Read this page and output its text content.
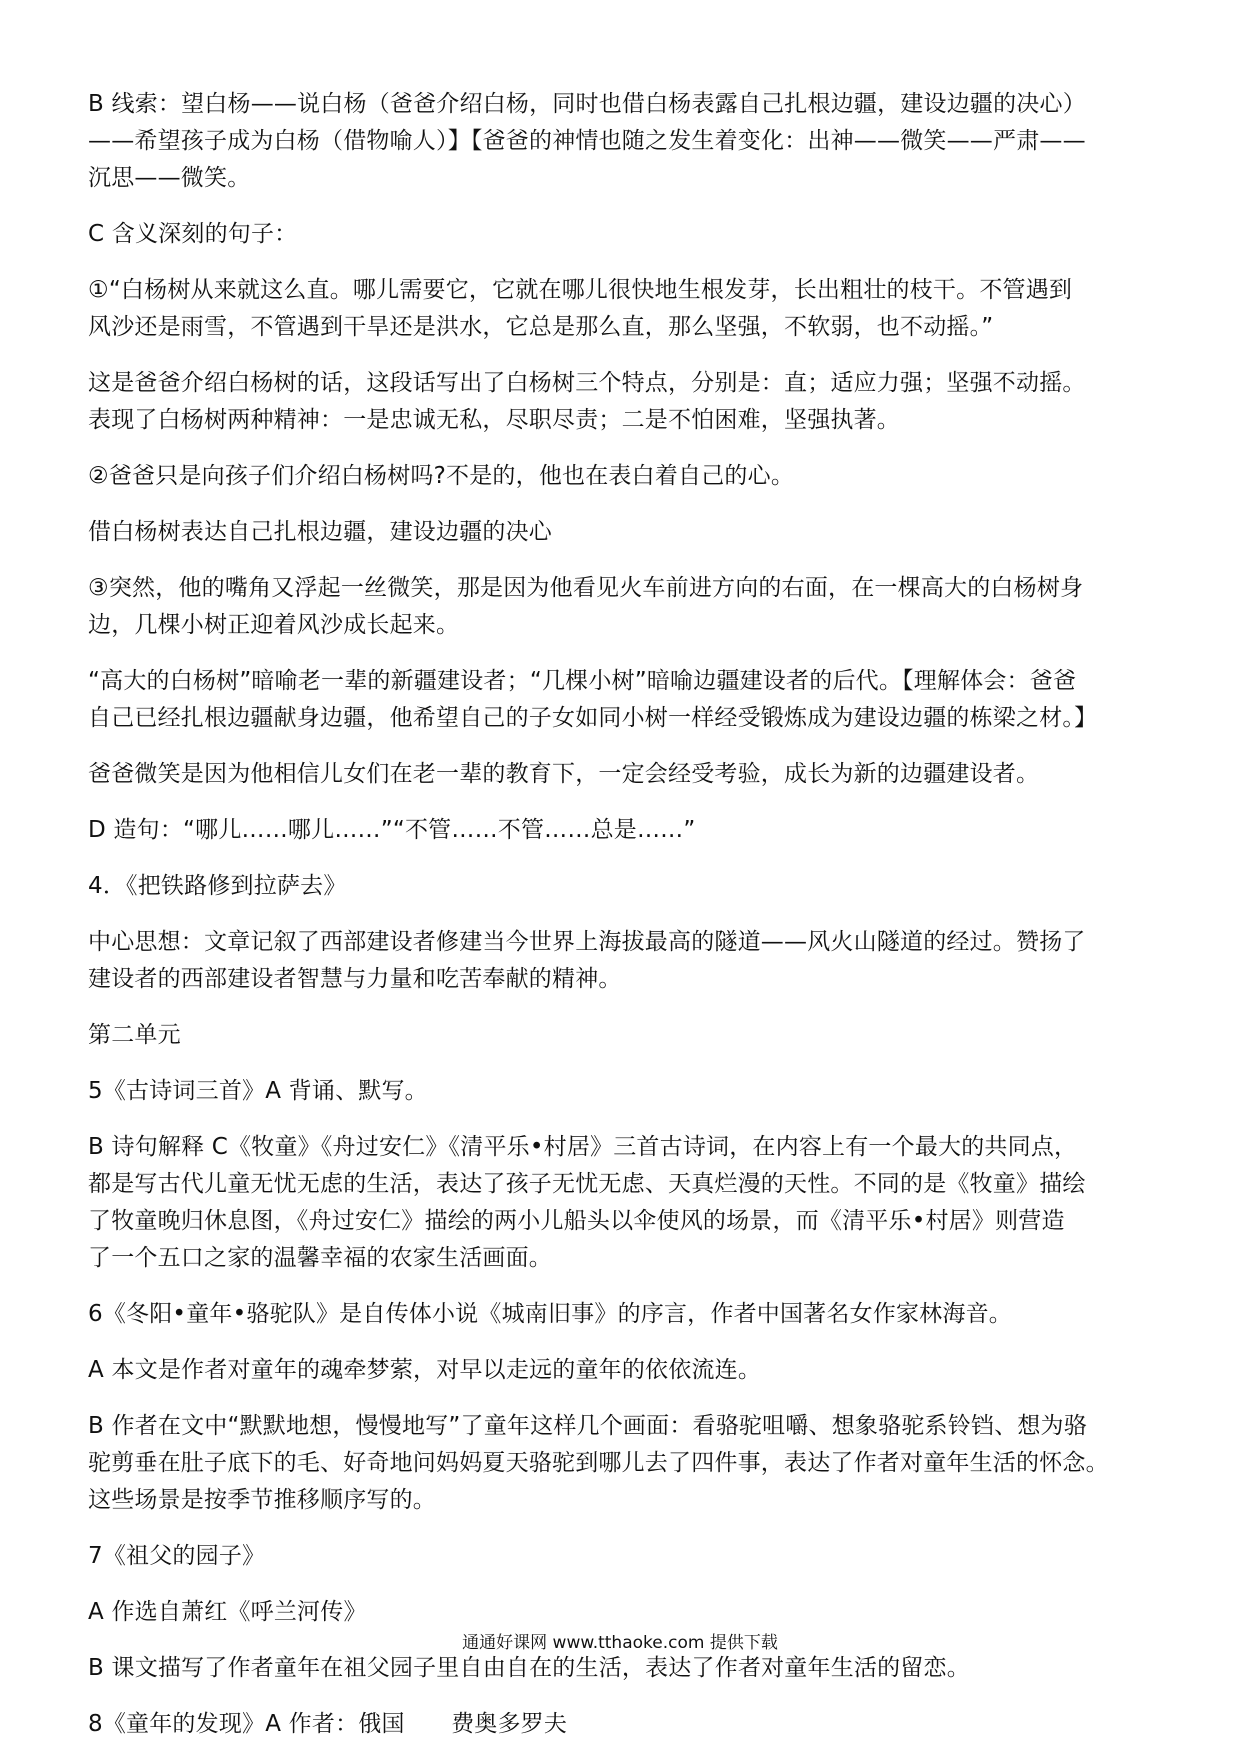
B 线索：望白杨——说白杨（爸爸介绍白杨，同时也借白杨表露自己扎根边疆，建设边疆的决心）
——希望孩子成为白杨（借物喻人）】【爸爸的神情也随之发生着变化：出神——微笑——严肃——
沉思——微笑。

C 含义深刻的句子：

①“白杨树从来就这么直。哪儿需要它，它就在哪儿很快地生根发芽，长出粗壮的枝干。不管遇到
风沙还是雨雪，不管遇到干旱还是洪水，它总是那么直，那么坚强，不软弱，也不动摇。”

这是爸爸介绍白杨树的话，这段话写出了白杨树三个特点，分别是：直；适应力强；坚强不动摇。
表现了白杨树两种精神：一是忠诚无私，尽职尽责；二是不怕困难，坚强执著。

②爸爸只是向孩子们介绍白杨树吗?不是的，他也在表白着自己的心。

借白杨树表达自己扎根边疆，建设边疆的决心

③突然，他的嘴角又浮起一丝微笑，那是因为他看见火车前进方向的右面，在一棵高大的白杨树身
边，几棵小树正迎着风沙成长起来。

“高大的白杨树”暗喻老一辈的新疆建设者；“几棵小树”暗喻边疆建设者的后代。【理解体会：爸爸
自己已经扎根边疆献身边疆，他希望自己的子女如同小树一样经受锻炼成为建设边疆的栋梁之材。】

爸爸微笑是因为他相信儿女们在老一辈的教育下，一定会经受考验，成长为新的边疆建设者。

D 造句：“哪儿……哪儿……”“不管……不管……总是……”

4．《把铁路修到拉萨去》

中心思想：文章记叙了西部建设者修建当今世界上海拔最高的隧道——风火山隧道的经过。赞扬了
建设者的西部建设者智慧与力量和吃苦奉献的精神。

第二单元

5《古诗词三首》A 背诵、默写。

B 诗句解释 C《牧童》《舟过安仁》《清平乐•村居》三首古诗词，在内容上有一个最大的共同点，
都是写古代儿童无忧无虑的生活，表达了孩子无忧无虑、天真烂漫的天性。不同的是《牧童》描绘
了牧童晚归休息图，《舟过安仁》描绘的两小儿船头以伞使风的场景，而《清平乐•村居》则营造
了一个五口之家的温馨幸福的农家生活画面。

6《冬阳•童年•骆驼队》是自传体小说《城南旧事》的序言，作者中国著名女作家林海音。

A 本文是作者对童年的魂牵梦萦，对早以走远的童年的依依流连。

B 作者在文中“默默地想，慢慢地写”了童年这样几个画面：看骆驼咀嚼、想象骆驼系铃铛、想为骆
驼剪垂在肚子底下的毛、好奇地问妈妈夏天骆驼到哪儿去了四件事，表达了作者对童年生活的怀念。
这些场景是按季节推移顺序写的。

7《祖父的园子》

A 作选自萧红《呼兰河传》

B 课文描写了作者童年在祖父园子里自由自在的生活，表达了作者对童年生活的留恋。

8《童年的发现》A 作者：俄国　　费奥多罗夫

通通好课网 www.tthaoke.com 提供下载
